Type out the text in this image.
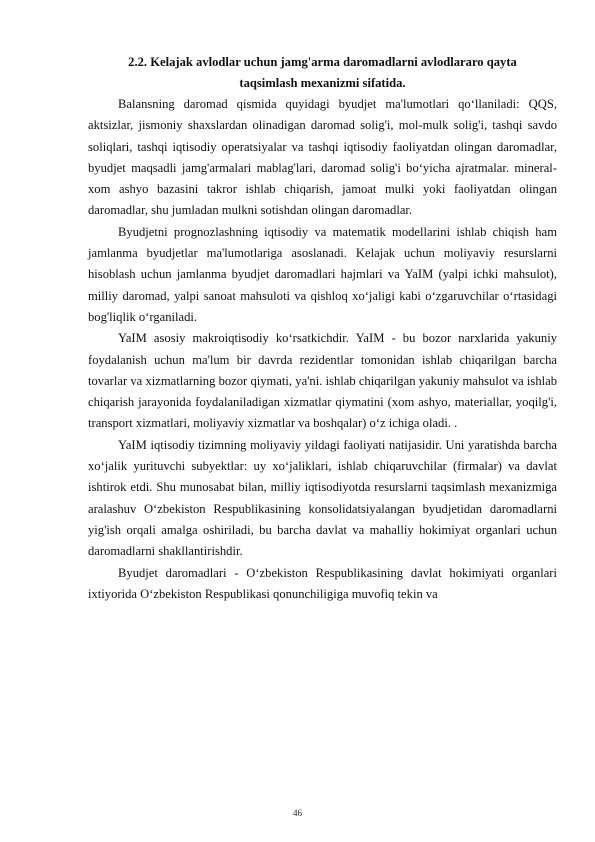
2.2. Kelajak avlodlar uchun jamg'arma daromadlarni avlodlararo qayta
taqsimlash mexanizmi sifatida.

Balansning daromad qismida quyidagi byudjet ma'lumotlari qo‘llaniladi: QQS, aktsizlar, jismoniy shaxslardan olinadigan daromad solig'i, mol-mulk solig'i, tashqi savdo soliqlari, tashqi iqtisodiy operatsiyalar va tashqi iqtisodiy faoliyatdan olingan daromadlar, byudjet maqsadli jamg'armalari mablag'lari, daromad solig'i bo‘yicha ajratmalar. mineral-xom ashyo bazasini takror ishlab chiqarish, jamoat mulki yoki faoliyatdan olingan daromadlar, shu jumladan mulkni sotishdan olingan daromadlar.

Byudjetni prognozlashning iqtisodiy va matematik modellarini ishlab chiqish ham jamlanma byudjetlar ma'lumotlariga asoslanadi. Kelajak uchun moliyaviy resurslarni hisoblash uchun jamlanma byudjet daromadlari hajmlari va YaIM (yalpi ichki mahsulot), milliy daromad, yalpi sanoat mahsuloti va qishloq xo‘jaligi kabi o‘zgaruvchilar o‘rtasidagi bog'liqlik o‘rganiladi.

YaIM asosiy makroiqtisodiy ko‘rsatkichdir. YaIM - bu bozor narxlarida yakuniy foydalanish uchun ma'lum bir davrda rezidentlar tomonidan ishlab chiqarilgan barcha tovarlar va xizmatlarning bozor qiymati, ya'ni. ishlab chiqarilgan yakuniy mahsulot va ishlab chiqarish jarayonida foydalaniladigan xizmatlar qiymatini (xom ashyo, materiallar, yoqilg'i, transport xizmatlari, moliyaviy xizmatlar va boshqalar) o‘z ichiga oladi. .

YaIM iqtisodiy tizimning moliyaviy yildagi faoliyati natijasidir. Uni yaratishda barcha xo‘jalik yurituvchi subyektlar: uy xo‘jaliklari, ishlab chiqaruvchilar (firmalar) va davlat ishtirok etdi. Shu munosabat bilan, milliy iqtisodiyotda resurslarni taqsimlash mexanizmiga aralashuv O‘zbekiston Respublikasining konsolidatsiyalangan byudjetidan daromadlarni yig'ish orqali amalga oshiriladi, bu barcha davlat va mahalliy hokimiyat organlari uchun daromadlarni shakllantirishdir.

Byudjet daromadlari - O‘zbekiston Respublikasining davlat hokimiyati organlari ixtiyorida O‘zbekiston Respublikasi qonunchiligiga muvofiq tekin va

46
